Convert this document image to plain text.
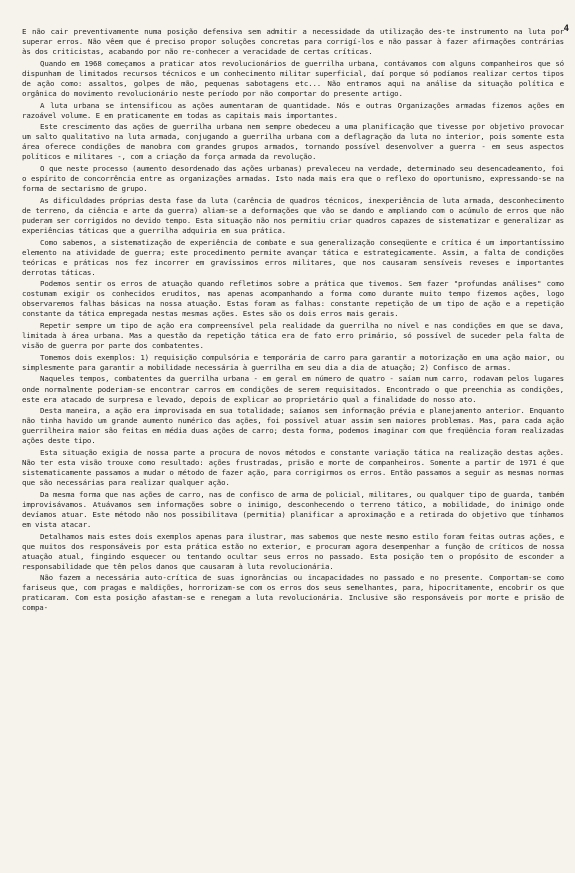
4

E não cair preventivamente numa posição defensiva sem admitir a necessidade da utilização des-te instrumento na luta por superar erros. Não vêem que é preciso propor soluções concretas para corrigí-los e não passar à fazer afirmações contrárias às dos criticistas, acabando por não re-conhecer a veracidade de certas críticas.

Quando em 1968 começamos a praticar atos revolucionários de guerrilha urbana, contávamos com alguns companheiros que só dispunham de limitados recursos técnicos e um conhecimento militar superficial, daí porque só podíamos realizar certos tipos de ação como: assaltos, golpes de mão, pequenas sabotagens etc... Não entramos aqui na análise da situação política e orgânica do movimento revolucionário neste período por não comportar do presente artigo.

A luta urbana se intensificou as ações aumentaram de quantidade. Nós e outras Organizações armadas fizemos ações em razoável volume. E em praticamente em todas as capitais mais importantes.

Este crescimento das ações de guerrilha urbana nem sempre obedeceu a uma planificação que tivesse por objetivo provocar um salto qualitativo na luta armada, conjugando a guerrilha urbana com a deflagração da luta no interior, pois somente esta área oferece condições de manobra com grandes grupos armados, tornando possível desenvolver a guerra - em seus aspectos políticos e militares -, com a criação da força armada da revolução.

O que neste processo (aumento desordenado das ações urbanas) prevaleceu na verdade, determinado seu desencadeamento, foi o espírito de concorrência entre as organizações armadas. Isto nada mais era que o reflexo do oportunismo, expressando-se na forma de sectarismo de grupo.

As dificuldades próprias desta fase da luta (carência de quadros técnicos, inexperiência de luta armada, desconhecimento de terreno, da ciência e arte da guerra) aliam-se a deformações que vão se dando e ampliando com o acúmulo de erros que não puderam ser corrigidos no devido tempo. Esta situação não nos permitiu criar quadros capazes de sistematizar e generalizar as experiências táticas que a guerrilha adquiria em sua prática.

Como sabemos, a sistematização de experiência de combate e sua generalização conseqüente e crítica é um importantíssimo elemento na atividade de guerra; este procedimento permite avançar tática e estrategicamente. Assim, a falta de condições teóricas e práticas nos fez incorrer em gravíssimos erros militares, que nos causaram sensíveis reveses e importantes derrotas táticas.

Podemos sentir os erros de atuação quando refletimos sobre a prática que tivemos. Sem fazer "profundas análises" como costumam exigir os conhecidos eruditos, mas apenas acompanhando a forma como durante muito tempo fizemos ações, logo observaremos falhas básicas na nossa atuação. Estas foram as falhas: constante repetição de um tipo de ação e a repetição constante da tática empregada nestas mesmas ações. Estes são os dois erros mais gerais.

Repetir sempre um tipo de ação era compreensível pela realidade da guerrilha no nível e nas condições em que se dava, limitada à área urbana. Mas a questão da repetição tática era de fato erro primário, só possível de suceder pela falta de visão de guerra por parte dos combatentes.

Tomemos dois exemplos: 1) requisição compulsória e temporária de carro para garantir a motorização em uma ação maior, ou simplesmente para garantir a mobilidade necessária à guerrilha em seu dia a dia de atuação; 2) Confisco de armas.

Naqueles tempos, combatentes da guerrilha urbana - em geral em número de quatro - saíam num carro, rodavam pelos lugares onde normalmente poderiam-se encontrar carros em condições de serem requisitados. Encontrado o que preenchia as condições, este era atacado de surpresa e levado, depois de explicar ao proprietário qual a finalidade do nosso ato.

Desta maneira, a ação era improvisada em sua totalidade; saíamos sem informação prévia e planejamento anterior. Enquanto não tinha havido um grande aumento numérico das ações, foi possível atuar assim sem maiores problemas. Mas, para cada ação guerrilheira maior são feitas em média duas ações de carro; desta forma, podemos imaginar com que freqüência foram realizadas ações deste tipo.

Esta situação exigia de nossa parte a procura de novos métodos e constante variação tática na realização destas ações. Não ter esta visão trouxe como resultado: ações frustradas, prisão e morte de companheiros. Somente a partir de 1971 é que sistematicamente passamos a mudar o método de fazer ação, para corrigirmos os erros. Então passamos a seguir as mesmas normas que são necessárias para realizar qualquer ação.

Da mesma forma que nas ações de carro, nas de confisco de arma de policial, militares, ou qualquer tipo de guarda, também improvisávamos. Atuávamos sem informações sobre o inimigo, desconhecendo o terreno tático, a mobilidade, do inimigo onde devíamos atuar. Este método não nos possibilitava (permitia) planificar a aproximação e a retirada do objetivo que tínhamos em vista atacar.

Detalhamos mais estes dois exemplos apenas para ilustrar, mas sabemos que neste mesmo estilo foram feitas outras ações, e que muitos dos responsáveis por esta prática estão no exterior, e procuram agora desempenhar a função de críticos de nossa atuação atual, fingindo esquecer ou tentando ocultar seus erros no passado. Esta posição tem o propósito de esconder a responsabilidade que têm pelos danos que causaram à luta revolucionária.

Não fazem a necessária auto-crítica de suas ignorâncias ou incapacidades no passado e no presente. Comportam-se como fariseus que, com pragas e maldições, horrorizam-se com os erros dos seus semelhantes, para, hipocritamente, encobrir os que praticaram. Com esta posição afastam-se e renegam a luta revolucionária. Inclusive são responsáveis por morte e prisão de compa-
